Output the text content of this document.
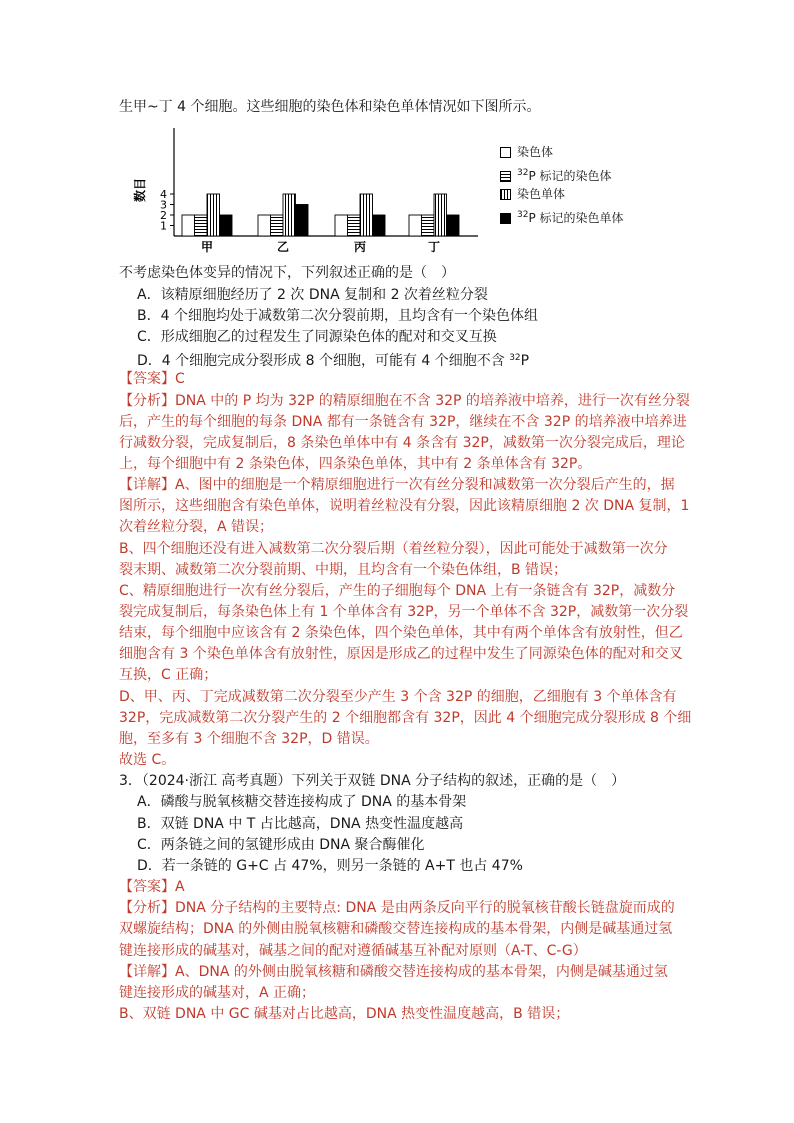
生甲~丁 4 个细胞。这些细胞的染色体和染色单体情况如下图所示。
数目
1
2
3
4
甲	乙	丙	丁
染色体
$^{32}$P 标记的染色体
染色单体
$^{32}$P 标记的染色单体
不考虑染色体变异的情况下，下列叙述正确的是（　）
A．该精原细胞经历了 2 次 DNA 复制和 2 次着丝粒分裂
B．4 个细胞均处于减数第二次分裂前期，且均含有一个染色体组
C．形成细胞乙的过程发生了同源染色体的配对和交叉互换
D．4 个细胞完成分裂形成 8 个细胞，可能有 4 个细胞不含 $^{32}$P
【答案】C
【分析】DNA 中的 P 均为 32P 的精原细胞在不含 32P 的培养液中培养，进行一次有丝分裂
后，产生的每个细胞的每条 DNA 都有一条链含有 32P，继续在不含 32P 的培养液中培养进
行减数分裂，完成复制后，8 条染色单体中有 4 条含有 32P，减数第一次分裂完成后，理论
上，每个细胞中有 2 条染色体，四条染色单体，其中有 2 条单体含有 32P。
【详解】A、图中的细胞是一个精原细胞进行一次有丝分裂和减数第一次分裂后产生的，据
图所示，这些细胞含有染色单体，说明着丝粒没有分裂，因此该精原细胞 2 次 DNA 复制，1
次着丝粒分裂，A 错误；
B、四个细胞还没有进入减数第二次分裂后期（着丝粒分裂），因此可能处于减数第一次分
裂末期、减数第二次分裂前期、中期，且均含有一个染色体组，B 错误；
C、精原细胞进行一次有丝分裂后，产生的子细胞每个 DNA 上有一条链含有 32P，减数分
裂完成复制后，每条染色体上有 1 个单体含有 32P，另一个单体不含 32P，减数第一次分裂
结束，每个细胞中应该含有 2 条染色体，四个染色单体，其中有两个单体含有放射性，但乙
细胞含有 3 个染色单体含有放射性，原因是形成乙的过程中发生了同源染色体的配对和交叉
互换，C 正确；
D、甲、丙、丁完成减数第二次分裂至少产生 3 个含 32P 的细胞，乙细胞有 3 个单体含有
32P，完成减数第二次分裂产生的 2 个细胞都含有 32P，因此 4 个细胞完成分裂形成 8 个细
胞，至多有 3 个细胞不含 32P，D 错误。
故选 C。
3．（2024·浙江 高考真题）下列关于双链 DNA 分子结构的叙述，正确的是（　）
A．磷酸与脱氧核糖交替连接构成了 DNA 的基本骨架
B．双链 DNA 中 T 占比越高，DNA 热变性温度越高
C．两条链之间的氢键形成由 DNA 聚合酶催化
D．若一条链的 G+C 占 47%，则另一条链的 A+T 也占 47%
【答案】A
【分析】DNA 分子结构的主要特点: DNA 是由两条反向平行的脱氧核苷酸长链盘旋而成的
双螺旋结构；DNA 的外侧由脱氧核糖和磷酸交替连接构成的基本骨架，内侧是碱基通过氢
键连接形成的碱基对，碱基之间的配对遵循碱基互补配对原则（A-T、C-G）
【详解】A、DNA 的外侧由脱氧核糖和磷酸交替连接构成的基本骨架，内侧是碱基通过氢
键连接形成的碱基对，A 正确；
B、双链 DNA 中 GC 碱基对占比越高，DNA 热变性温度越高，B 错误；
